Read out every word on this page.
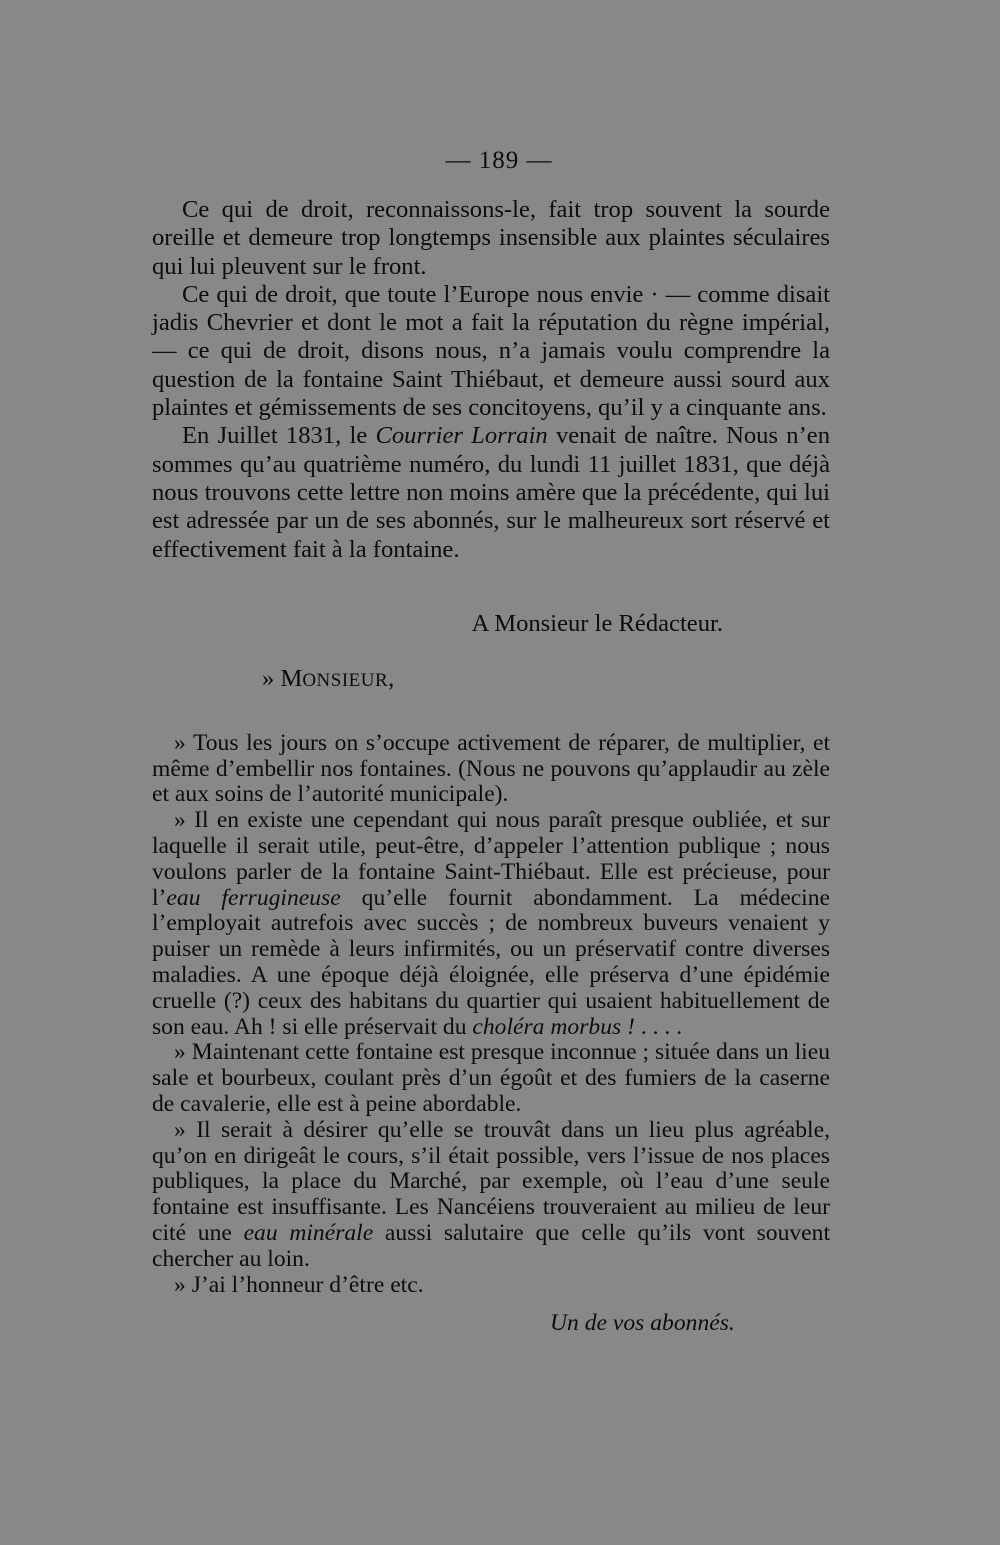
— 189 —

Ce qui de droit, reconnaissons-le, fait trop souvent la sourde oreille et demeure trop longtemps insensible aux plaintes séculaires qui lui pleuvent sur le front.

Ce qui de droit, que toute l’Europe nous envie · — comme disait jadis Chevrier et dont le mot a fait la réputation du règne impérial, — ce qui de droit, disons nous, n’a jamais voulu comprendre la question de la fontaine Saint Thiébaut, et demeure aussi sourd aux plaintes et gémissements de ses concitoyens, qu’il y a cinquante ans.

En Juillet 1831, le Courrier Lorrain venait de naître. Nous n’en sommes qu’au quatrième numéro, du lundi 11 juillet 1831, que déjà nous trouvons cette lettre non moins amère que la précédente, qui lui est adressée par un de ses abonnés, sur le malheureux sort réservé et effectivement fait à la fontaine.

A Monsieur le Rédacteur.
» MONSIEUR,

» Tous les jours on s’occupe activement de réparer, de multiplier, et même d’embellir nos fontaines. (Nous ne pouvons qu’applaudir au zèle et aux soins de l’autorité municipale).

» Il en existe une cependant qui nous paraît presque oubliée, et sur laquelle il serait utile, peut-être, d’appeler l’attention publique ; nous voulons parler de la fontaine Saint-Thiébaut. Elle est précieuse, pour l’eau ferrugineuse qu’elle fournit abondamment. La médecine l’employait autrefois avec succès ; de nombreux buveurs venaient y puiser un remède à leurs infirmités, ou un préservatif contre diverses maladies. A une époque déjà éloignée, elle préserva d’une épidémie cruelle (?) ceux des habitans du quartier qui usaient habituellement de son eau. Ah ! si elle préservait du choléra morbus ! . . . .

» Maintenant cette fontaine est presque inconnue ; située dans un lieu sale et bourbeux, coulant près d’un égoût et des fumiers de la caserne de cavalerie, elle est à peine abordable.

» Il serait à désirer qu’elle se trouvât dans un lieu plus agréable, qu’on en dirigeât le cours, s’il était possible, vers l’issue de nos places publiques, la place du Marché, par exemple, où l’eau d’une seule fontaine est insuffisante. Les Nancéiens trouveraient au milieu de leur cité une eau minérale aussi salutaire que celle qu’ils vont souvent chercher au loin.

» J’ai l’honneur d’être etc.

Un de vos abonnés.
